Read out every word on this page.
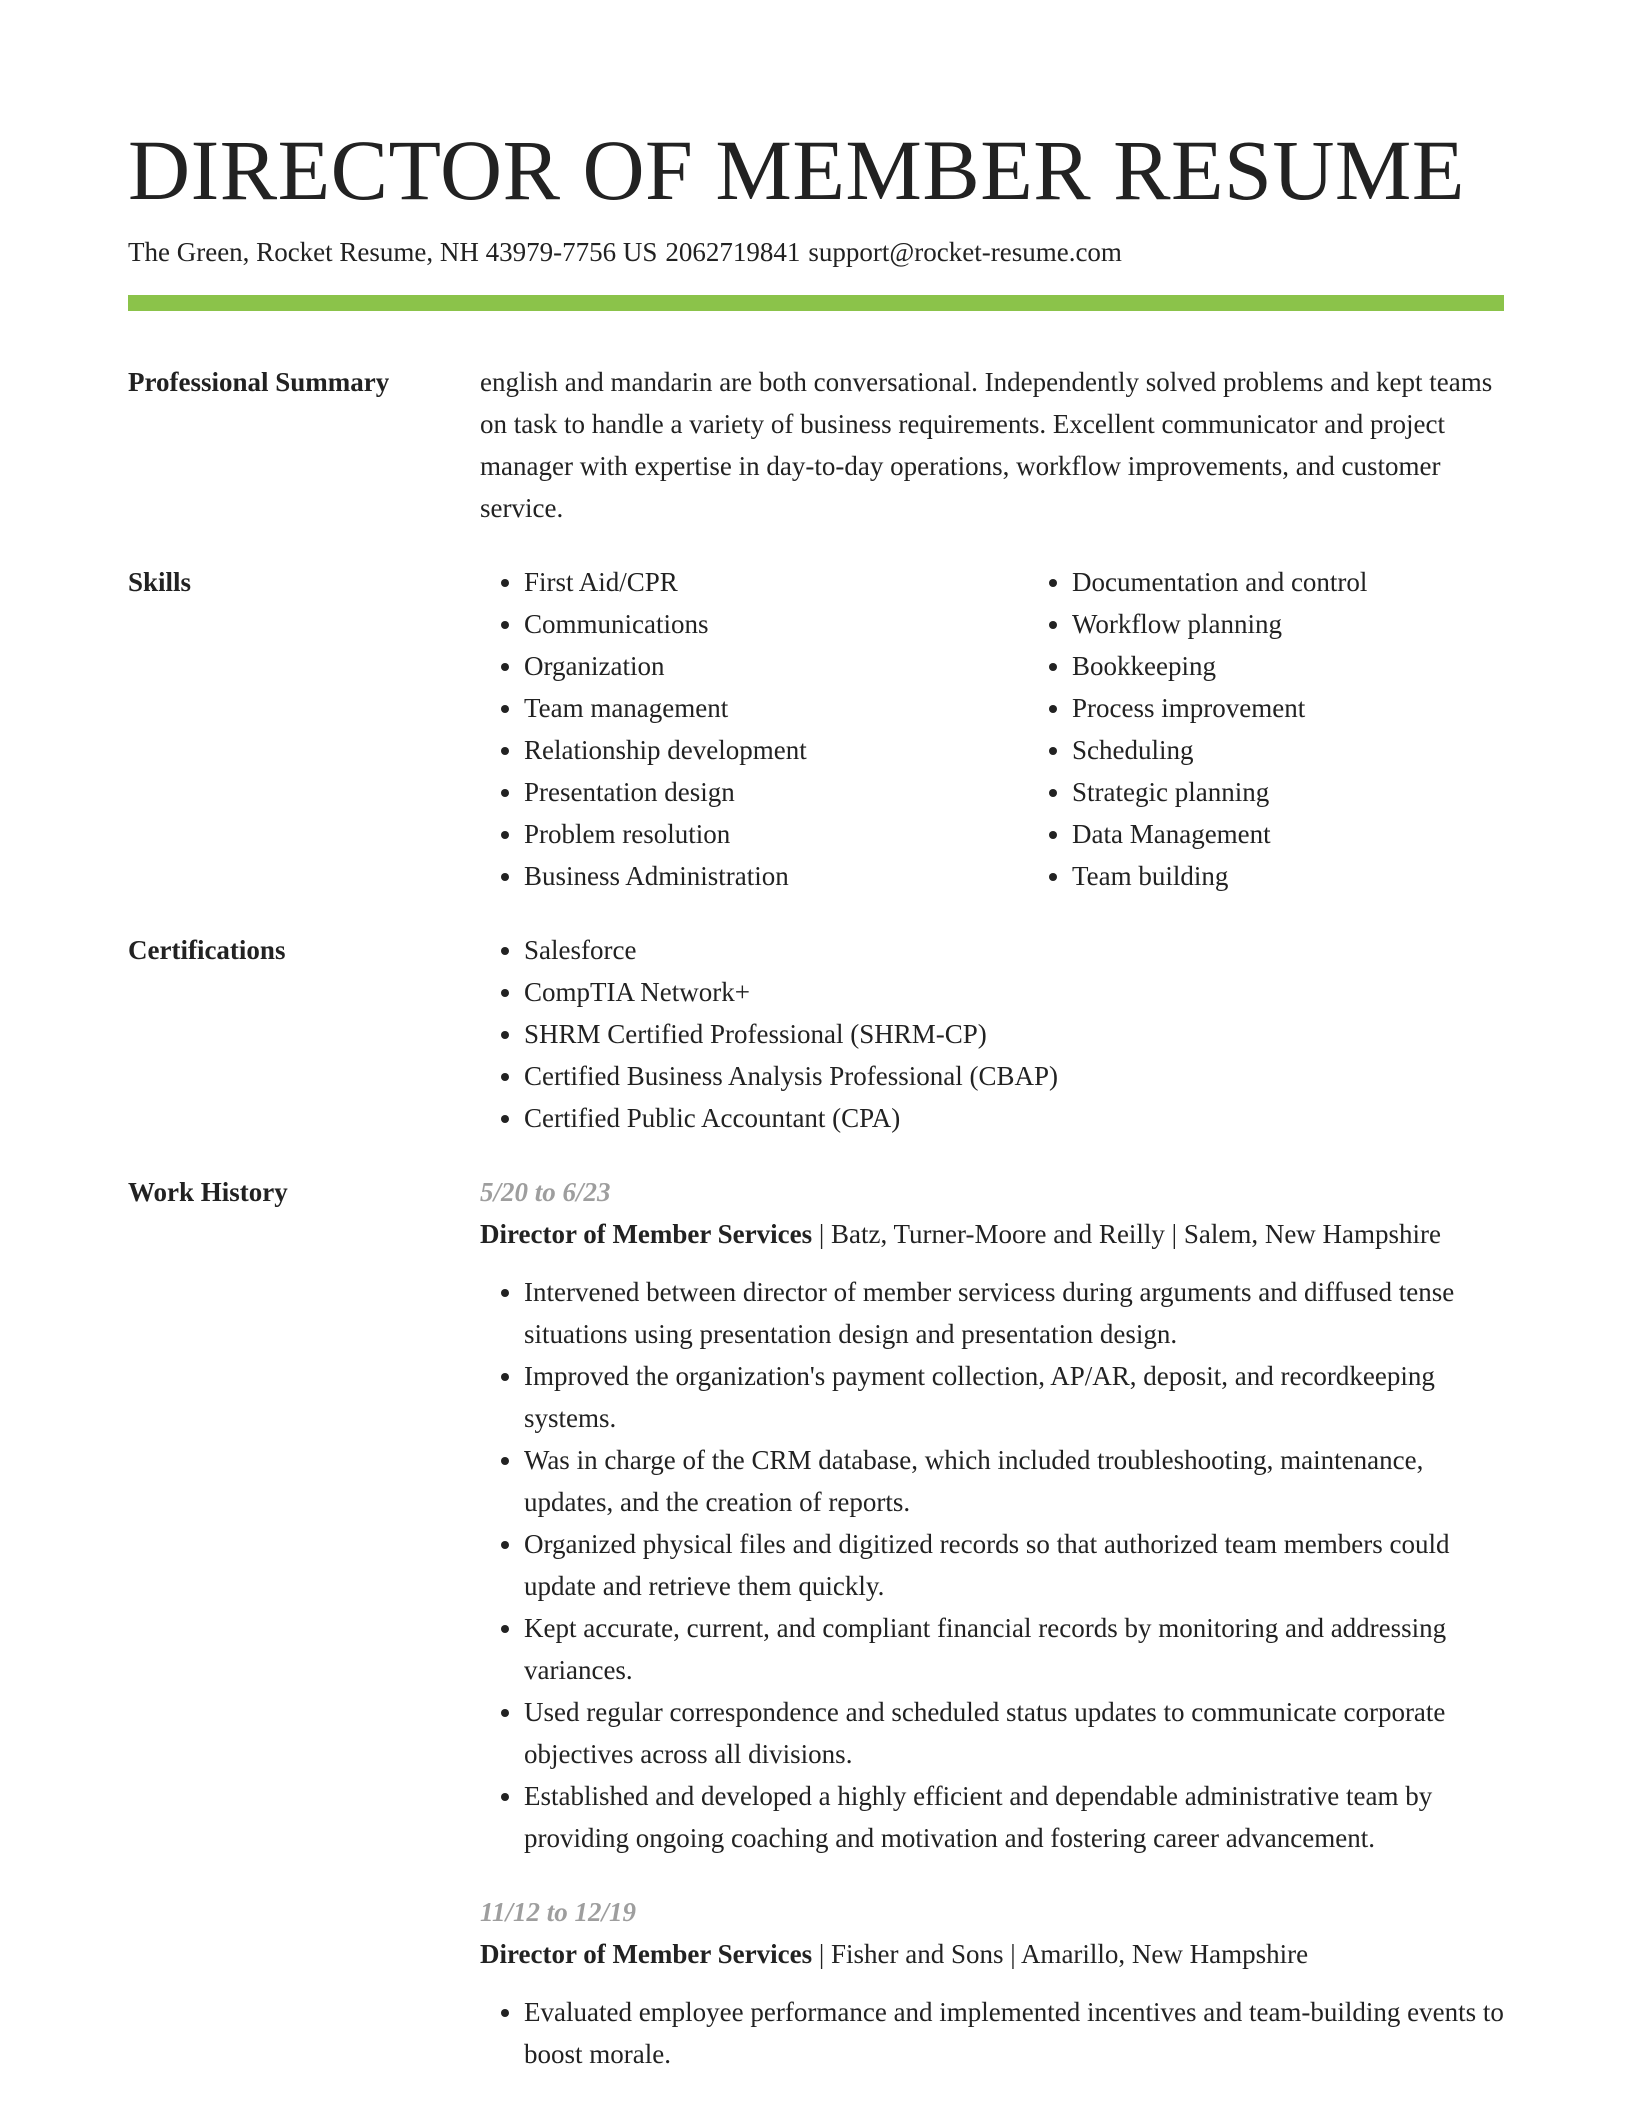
DIRECTOR OF MEMBER RESUME
The Green, Rocket Resume, NH 43979-7756 US 2062719841 support@rocket-resume.com
Professional Summary	english and mandarin are both conversational. Independently solved problems and kept teams on task to handle a variety of business requirements. Excellent communicator and project manager with expertise in day-to-day operations, workflow improvements, and customer service.
Skills	• First Aid/CPR
• Communications
• Organization
• Team management
• Relationship development
• Presentation design
• Problem resolution
• Business Administration
• Documentation and control
• Workflow planning
• Bookkeeping
• Process improvement
• Scheduling
• Strategic planning
• Data Management
• Team building
Certifications	• Salesforce
• CompTIA Network+
• SHRM Certified Professional (SHRM-CP)
• Certified Business Analysis Professional (CBAP)
• Certified Public Accountant (CPA)
Work History	5/20 to 6/23
Director of Member Services | Batz, Turner-Moore and Reilly | Salem, New Hampshire
• Intervened between director of member servicess during arguments and diffused tense situations using presentation design and presentation design.
• Improved the organization's payment collection, AP/AR, deposit, and recordkeeping systems.
• Was in charge of the CRM database, which included troubleshooting, maintenance, updates, and the creation of reports.
• Organized physical files and digitized records so that authorized team members could update and retrieve them quickly.
• Kept accurate, current, and compliant financial records by monitoring and addressing variances.
• Used regular correspondence and scheduled status updates to communicate corporate objectives across all divisions.
• Established and developed a highly efficient and dependable administrative team by providing ongoing coaching and motivation and fostering career advancement.
11/12 to 12/19
Director of Member Services | Fisher and Sons | Amarillo, New Hampshire
• Evaluated employee performance and implemented incentives and team-building events to boost morale.
